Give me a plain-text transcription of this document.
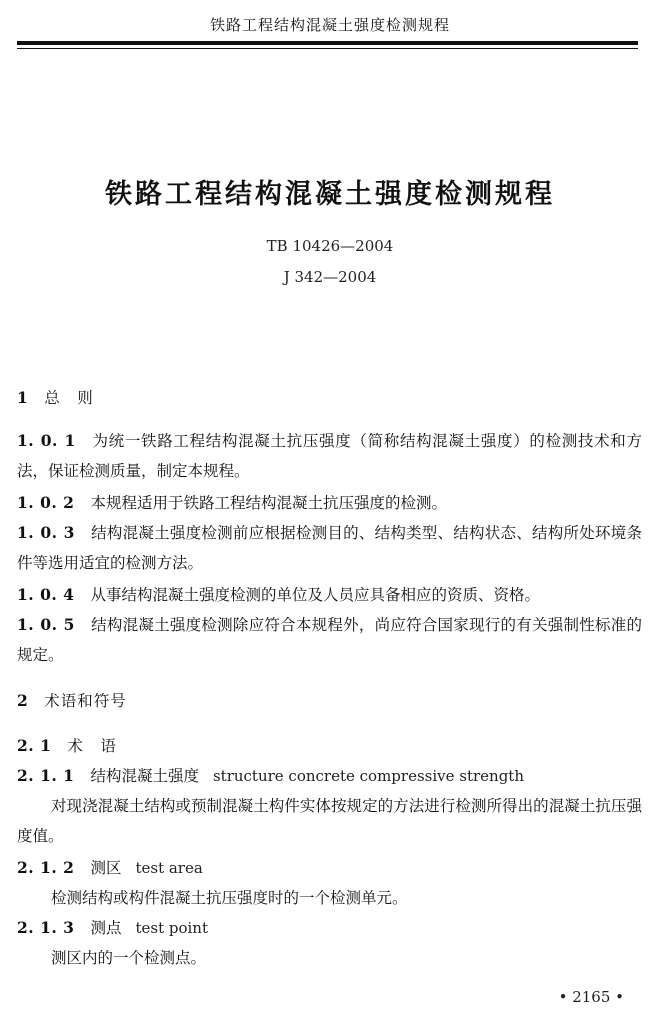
铁路工程结构混凝土强度检测规程
铁路工程结构混凝土强度检测规程
TB 10426—2004
J 342—2004
1 总　则
1. 0. 1 为统一铁路工程结构混凝土抗压强度（简称结构混凝土强度）的检测技术和方法，保证检测质量，制定本规程。
1. 0. 2 本规程适用于铁路工程结构混凝土抗压强度的检测。
1. 0. 3 结构混凝土强度检测前应根据检测目的、结构类型、结构状态、结构所处环境条件等选用适宜的检测方法。
1. 0. 4 从事结构混凝土强度检测的单位及人员应具备相应的资质、资格。
1. 0. 5 结构混凝土强度检测除应符合本规程外，尚应符合国家现行的有关强制性标准的规定。
2 术语和符号
2. 1 术　语
2. 1. 1 结构混凝土强度 structure concrete compressive strength
对现浇混凝土结构或预制混凝土构件实体按规定的方法进行检测所得出的混凝土抗压强度值。
2. 1. 2 测区 test area
检测结构或构件混凝土抗压强度时的一个检测单元。
2. 1. 3 测点 test point
测区内的一个检测点。
• 2165 •
